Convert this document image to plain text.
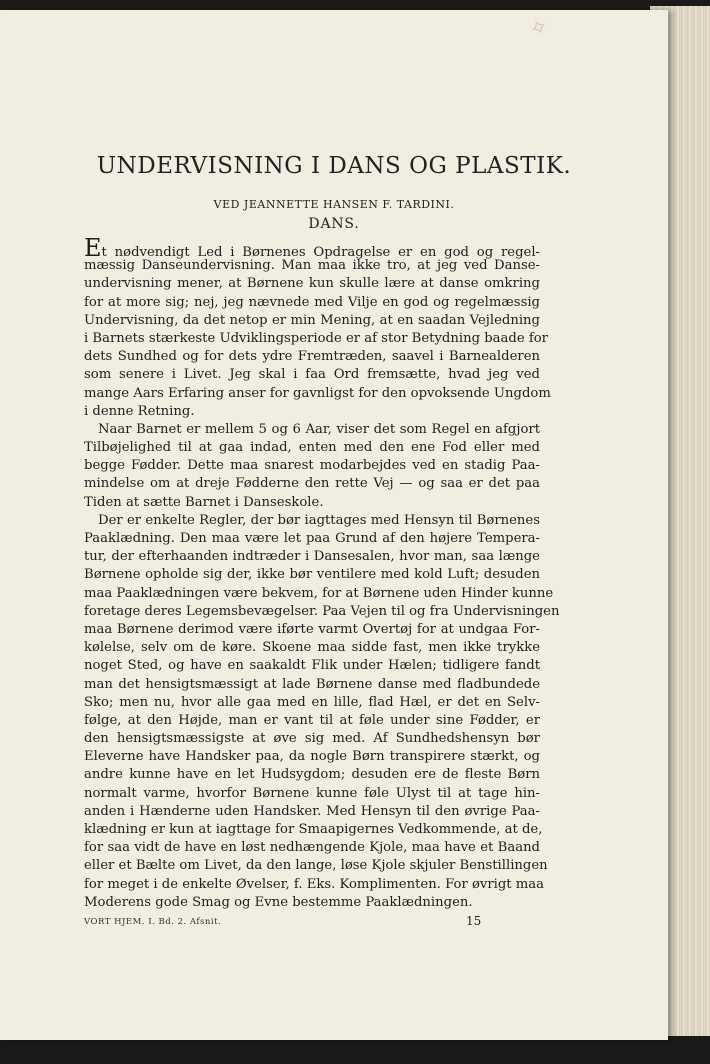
✧
UNDERVISNING I DANS OG PLASTIK.
VED JEANNETTE HANSEN F. TARDINI.
DANS.
Et nødvendigt Led i Børnenes Opdragelse er en god og regel-
mæssig Danseundervisning. Man maa ikke tro, at jeg ved Danse-
undervisning mener, at Børnene kun skulle lære at danse omkring
for at more sig; nej, jeg nævnede med Vilje en god og regelmæssig
Undervisning, da det netop er min Mening, at en saadan Vejledning
i Barnets stærkeste Udviklingsperiode er af stor Betydning baade for
dets Sundhed og for dets ydre Fremtræden, saavel i Barnealderen
som senere i Livet. Jeg skal i faa Ord fremsætte, hvad jeg ved
mange Aars Erfaring anser for gavnligst for den opvoksende Ungdom
i denne Retning.
Naar Barnet er mellem 5 og 6 Aar, viser det som Regel en afgjort
Tilbøjelighed til at gaa indad, enten med den ene Fod eller med
begge Fødder. Dette maa snarest modarbejdes ved en stadig Paa-
mindelse om at dreje Fødderne den rette Vej — og saa er det paa
Tiden at sætte Barnet i Danseskole.
Der er enkelte Regler, der bør iagttages med Hensyn til Børnenes
Paaklædning. Den maa være let paa Grund af den højere Tempera-
tur, der efterhaanden indtræder i Dansesalen, hvor man, saa længe
Børnene opholde sig der, ikke bør ventilere med kold Luft; desuden
maa Paaklædningen være bekvem, for at Børnene uden Hinder kunne
foretage deres Legemsbevægelser. Paa Vejen til og fra Undervisningen
maa Børnene derimod være iførte varmt Overtøj for at undgaa For-
kølelse, selv om de køre. Skoene maa sidde fast, men ikke trykke
noget Sted, og have en saakaldt Flik under Hælen; tidligere fandt
man det hensigtsmæssigt at lade Børnene danse med fladbundede
Sko; men nu, hvor alle gaa med en lille, flad Hæl, er det en Selv-
følge, at den Højde, man er vant til at føle under sine Fødder, er
den hensigtsmæssigste at øve sig med. Af Sundhedshensyn bør
Eleverne have Handsker paa, da nogle Børn transpirere stærkt, og
andre kunne have en let Hudsygdom; desuden ere de fleste Børn
normalt varme, hvorfor Børnene kunne føle Ulyst til at tage hin-
anden i Hænderne uden Handsker. Med Hensyn til den øvrige Paa-
klædning er kun at iagttage for Smaapigernes Vedkommende, at de,
for saa vidt de have en løst nedhængende Kjole, maa have et Baand
eller et Bælte om Livet, da den lange, løse Kjole skjuler Benstillingen
for meget i de enkelte Øvelser, f. Eks. Komplimenten. For øvrigt maa
Moderens gode Smag og Evne bestemme Paaklædningen.
VORT HJEM. I. Bd. 2. Afsnit.	15
